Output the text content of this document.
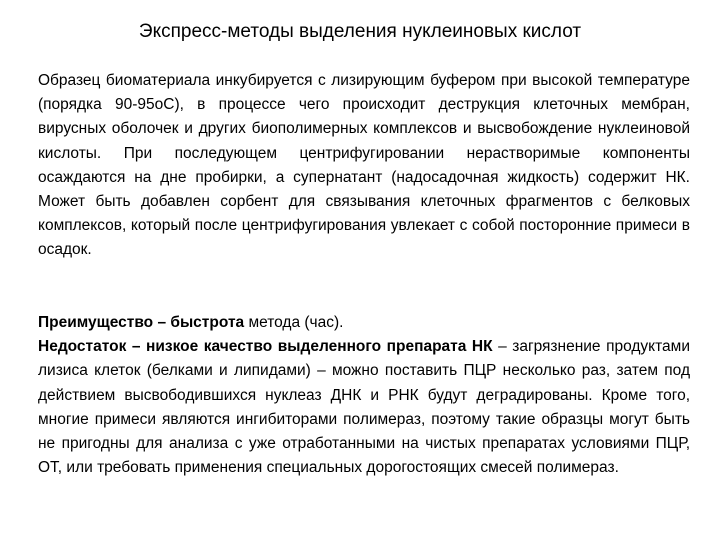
Экспресс-методы выделения нуклеиновых кислот
Образец биоматериала инкубируется с лизирующим буфером при высокой температуре (порядка 90-95оС), в процессе чего происходит деструкция клеточных мембран, вирусных оболочек и других биополимерных комплексов и высвобождение нуклеиновой кислоты. При последующем центрифугировании нерастворимые компоненты осаждаются на дне пробирки, а супернатант (надосадочная жидкость) содержит НК. Может быть добавлен сорбент для связывания клеточных фрагментов с белковых комплексов, который после центрифугирования увлекает с собой посторонние примеси в осадок.
Преимущество – быстрота метода (час).
Недостаток – низкое качество выделенного препарата НК – загрязнение продуктами лизиса клеток (белками и липидами) – можно поставить ПЦР несколько раз, затем под действием высвободившихся нуклеаз ДНК и РНК будут деградированы. Кроме того, многие примеси являются ингибиторами полимераз, поэтому такие образцы могут быть не пригодны для анализа с уже отработанными на чистых препаратах условиями ПЦР, ОТ, или требовать применения специальных дорогостоящих смесей полимераз.
